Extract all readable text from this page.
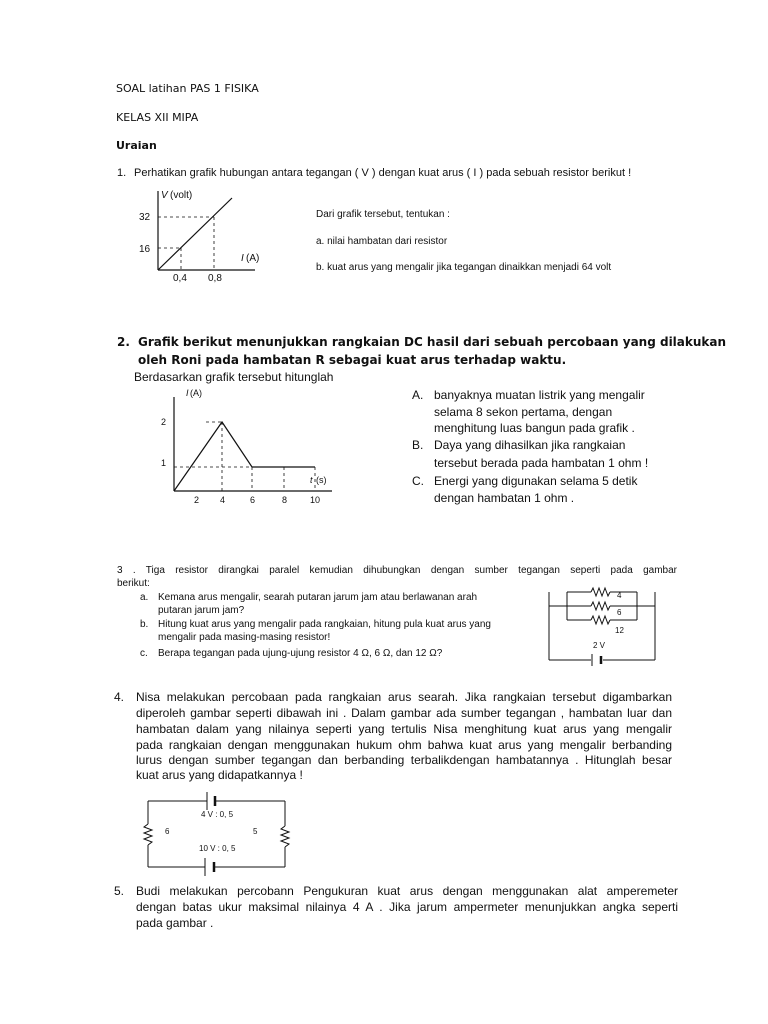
SOAL latihan PAS 1 FISIKA
KELAS XII MIPA
Uraian
1. Perhatikan grafik hubungan antara tegangan ( V ) dengan kuat arus ( I ) pada sebuah resistor berikut !
V (volt)
I (A)
32
16
0,4 0,8
Dari grafik tersebut, tentukan :
a. nilai hambatan dari resistor
b. kuat arus yang mengalir jika tegangan dinaikkan menjadi 64 volt
2. Grafik berikut menunjukkan rangkaian DC hasil dari sebuah percobaan yang dilakukan
oleh Roni pada hambatan R sebagai kuat arus terhadap waktu.
Berdasarkan grafik tersebut hitunglah
I (A)
t (s)
2
1
2 4	6	8	10
A. banyaknya muatan listrik yang mengalir
selama 8 sekon pertama, dengan
menghitung luas bangun pada grafik .
B. Daya yang dihasilkan jika rangkaian
tersebut berada pada hambatan 1 ohm !
C. Energi yang digunakan selama 5 detik
dengan hambatan 1 ohm .
3 . Tiga resistor dirangkai paralel kemudian dihubungkan dengan sumber tegangan seperti pada gambar
berikut:
a. Kemana arus mengalir, searah putaran jarum jam atau berlawanan arah
putaran jarum jam?
b. Hitung kuat arus yang mengalir pada rangkaian, hitung pula kuat arus yang
mengalir pada masing-masing resistor!
c. Berapa tegangan pada ujung-ujung resistor 4 Ω, 6 Ω, dan 12 Ω?
4
6
12
2 V
4. Nisa melakukan percobaan pada rangkaian arus searah. Jika rangkaian tersebut digambarkan
diperoleh gambar seperti dibawah ini . Dalam gambar ada sumber tegangan , hambatan luar dan
hambatan dalam yang nilainya seperti yang tertulis Nisa menghitung kuat arus yang mengalir
pada rangkaian dengan menggunakan hukum ohm bahwa kuat arus yang mengalir berbanding
lurus dengan sumber tegangan dan berbanding terbalikdengan hambatannya . Hitunglah besar
kuat arus yang didapatkannya !
4 V : 0, 5
10 V : 0, 5
6	5
5. Budi melakukan percobann Pengukuran kuat arus dengan menggunakan alat amperemeter
dengan batas ukur maksimal nilainya 4 A . Jika jarum ampermeter menunjukkan angka seperti
pada gambar .
